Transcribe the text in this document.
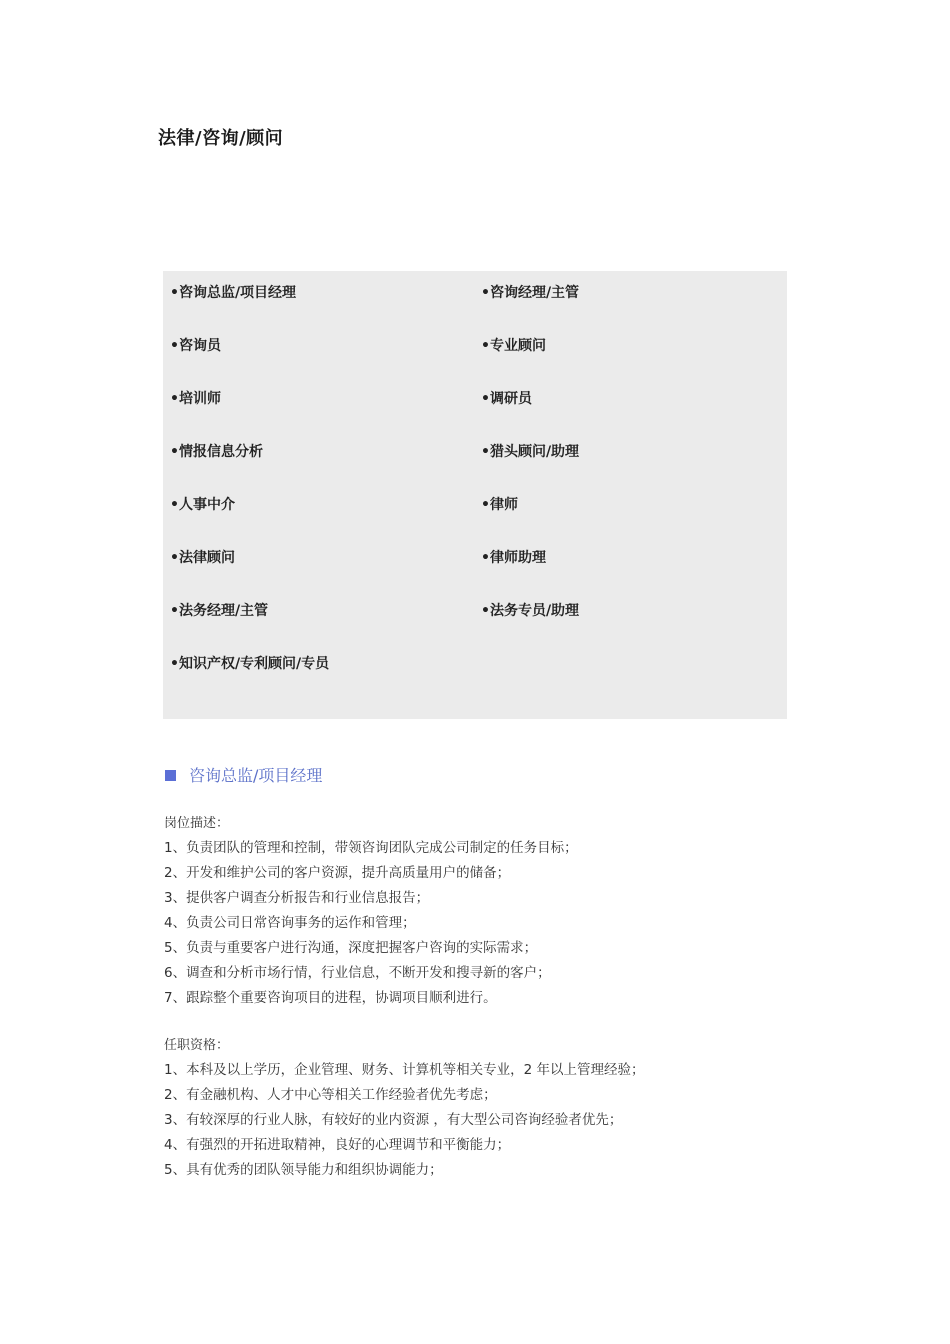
法律/咨询/顾问
•咨询总监/项目经理	•咨询经理/主管
•咨询员	•专业顾问
•培训师	•调研员
•情报信息分析	•猎头顾问/助理
•人事中介	•律师
•法律顾问	•律师助理
•法务经理/主管	•法务专员/助理
•知识产权/专利顾问/专员
咨询总监/项目经理
岗位描述：
1、负责团队的管理和控制，带领咨询团队完成公司制定的任务目标；
2、开发和维护公司的客户资源，提升高质量用户的储备；
3、提供客户调查分析报告和行业信息报告；
4、负责公司日常咨询事务的运作和管理；
5、负责与重要客户进行沟通，深度把握客户咨询的实际需求；
6、调查和分析市场行情，行业信息，不断开发和搜寻新的客户；
7、跟踪整个重要咨询项目的进程，协调项目顺利进行。
任职资格：
1、本科及以上学历，企业管理、财务、计算机等相关专业，2 年以上管理经验；
2、有金融机构、人才中心等相关工作经验者优先考虑；
3、有较深厚的行业人脉，有较好的业内资源 ，有大型公司咨询经验者优先；
4、有强烈的开拓进取精神，良好的心理调节和平衡能力；
5、具有优秀的团队领导能力和组织协调能力；
